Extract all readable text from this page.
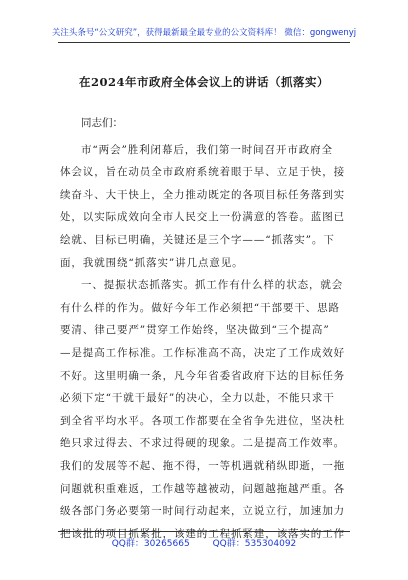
关注头条号“公文研究”，获得最新最全最专业的公文资料库！ 微信：gongwenyj
在2024年市政府全体会议上的讲话（抓落实）
同志们：
市“两会”胜利闭幕后，我们第一时间召开市政府全
体会议，旨在动员全市政府系统着眼于早、立足于快，接
续奋斗、大干快上，全力推动既定的各项目标任务落到实
处，以实际成效向全市人民交上一份满意的答卷。蓝图已
绘就、目标已明确，关键还是三个字——“抓落实”。下
面，我就围绕“抓落实”讲几点意见。
一、提振状态抓落实。抓工作有什么样的状态，就会
有什么样的作为。做好今年工作必须把“干部要干、思路
要清、律己要严”贯穿工作始终，坚决做到“三个提高”
—是提高工作标准。工作标准高不高，决定了工作成效好
不好。这里明确一条，凡今年省委省政府下达的目标任务
必须下定“干就干最好”的决心，全力以赴，不能只求干
到全省平均水平。各项工作都要在全省争先进位，坚决杜
绝只求过得去、不求过得硬的现象。二是提高工作效率。
我们的发展等不起、拖不得，一等机遇就稍纵即逝，一拖
问题就积重难返，工作越等越被动，问题越拖越严重。各
级各部门务必要第一时间行动起来，立说立行，加速加力
把该批的项目抓紧批，该建的工程抓紧建，该落实的工作
QQ群：30265665	QQ群：535304092
